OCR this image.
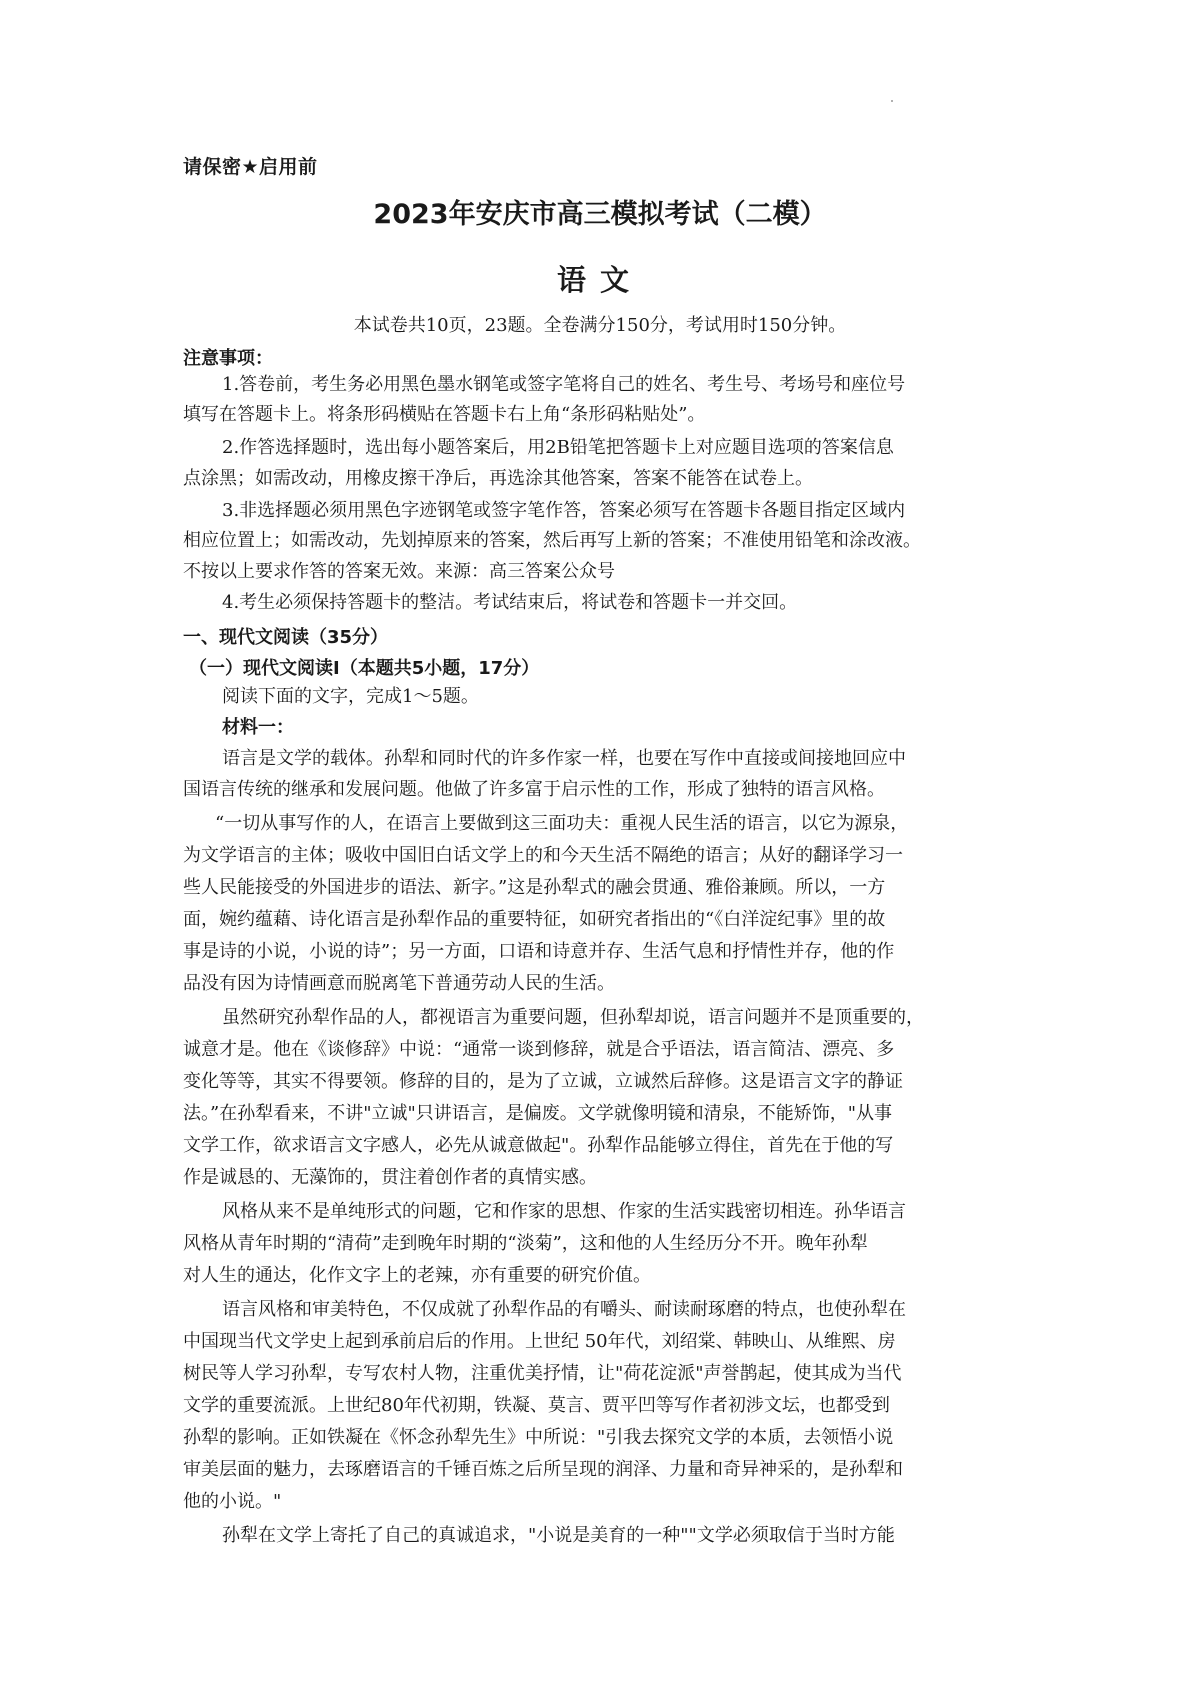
请保密★启用前
2023年安庆市高三模拟考试（二模）
语文
本试卷共10页，23题。全卷满分150分，考试用时150分钟。
注意事项：
1.答卷前，考生务必用黑色墨水钢笔或签字笔将自己的姓名、考生号、考场号和座位号
填写在答题卡上。将条形码横贴在答题卡右上角“条形码粘贴处”。
2.作答选择题时，选出每小题答案后，用2B铅笔把答题卡上对应题目选项的答案信息
点涂黑；如需改动，用橡皮擦干净后，再选涂其他答案，答案不能答在试卷上。
3.非选择题必须用黑色字迹钢笔或签字笔作答，答案必须写在答题卡各题目指定区域内
相应位置上；如需改动，先划掉原来的答案，然后再写上新的答案；不准使用铅笔和涂改液。
不按以上要求作答的答案无效。来源：高三答案公众号
4.考生必须保持答题卡的整洁。考试结束后，将试卷和答题卡一并交回。
一、现代文阅读（35分）
（一）现代文阅读Ⅰ（本题共5小题，17分）
阅读下面的文字，完成1～5题。
材料一：
语言是文学的载体。孙犁和同时代的许多作家一样，也要在写作中直接或间接地回应中
国语言传统的继承和发展问题。他做了许多富于启示性的工作，形成了独特的语言风格。
“一切从事写作的人，在语言上要做到这三面功夫：重视人民生活的语言，以它为源泉，
为文学语言的主体；吸收中国旧白话文学上的和今天生活不隔绝的语言；从好的翻译学习一
些人民能接受的外国进步的语法、新字。”这是孙犁式的融会贯通、雅俗兼顾。所以，一方
面，婉约蕴藉、诗化语言是孙犁作品的重要特征，如研究者指出的“《白洋淀纪事》里的故
事是诗的小说，小说的诗”；另一方面，口语和诗意并存、生活气息和抒情性并存，他的作
品没有因为诗情画意而脱离笔下普通劳动人民的生活。
虽然研究孙犁作品的人，都视语言为重要问题，但孙犁却说，语言问题并不是顶重要的，
诚意才是。他在《谈修辞》中说：“通常一谈到修辞，就是合乎语法，语言简洁、漂亮、多
变化等等，其实不得要领。修辞的目的，是为了立诚，立诚然后辞修。这是语言文字的静证
法。”在孙犁看来，不讲"立诚"只讲语言，是偏废。文学就像明镜和清泉，不能矫饰，"从事
文学工作，欲求语言文字感人，必先从诚意做起"。孙犁作品能够立得住，首先在于他的写
作是诚恳的、无藻饰的，贯注着创作者的真情实感。
风格从来不是单纯形式的问题，它和作家的思想、作家的生活实践密切相连。孙华语言
风格从青年时期的“清荷”走到晚年时期的“淡菊”，这和他的人生经历分不开。晚年孙犁
对人生的通达，化作文字上的老辣，亦有重要的研究价值。
语言风格和审美特色，不仅成就了孙犁作品的有嚼头、耐读耐琢磨的特点，也使孙犁在
中国现当代文学史上起到承前启后的作用。上世纪 50年代，刘绍棠、韩映山、从维熙、房
树民等人学习孙犁，专写农村人物，注重优美抒情，让"荷花淀派"声誉鹊起，使其成为当代
文学的重要流派。上世纪80年代初期，铁凝、莫言、贾平凹等写作者初涉文坛，也都受到
孙犁的影响。正如铁凝在《怀念孙犁先生》中所说："引我去探究文学的本质，去领悟小说
审美层面的魅力，去琢磨语言的千锤百炼之后所呈现的润泽、力量和奇异神采的，是孙犁和
他的小说。"
孙犁在文学上寄托了自己的真诚追求，"小说是美育的一种""文学必须取信于当时方能
